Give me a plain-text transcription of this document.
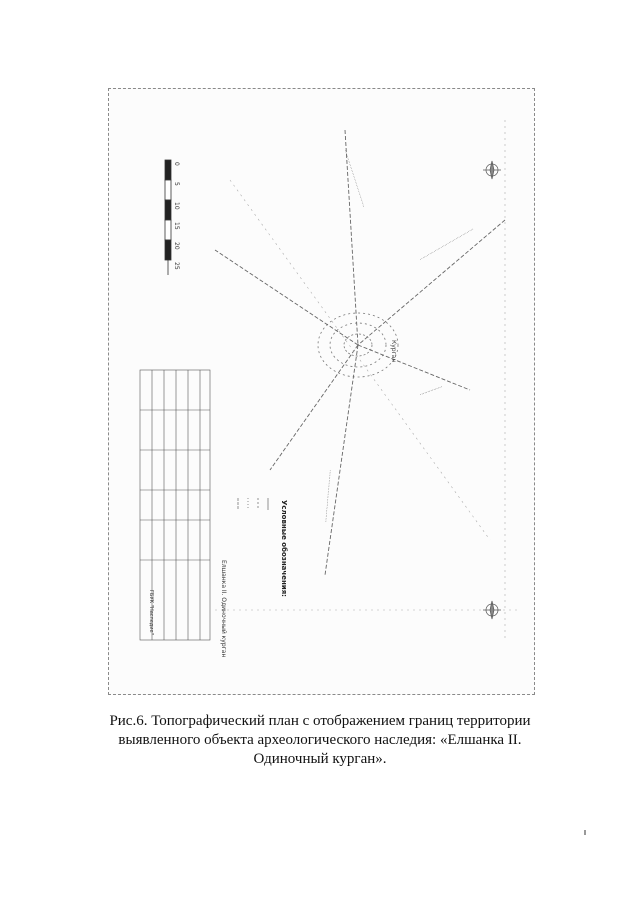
......................................
.......................................
.................................
...............
Курган
0
5
10
15
20
25
Елшанка II. Одиночный курган
ГБУК "Наследие"
Условные обозначения:
Рис.6. Топографический план с отображением границ территории выявленного объекта археологического наследия: «Елшанка II. Одиночный курган».
